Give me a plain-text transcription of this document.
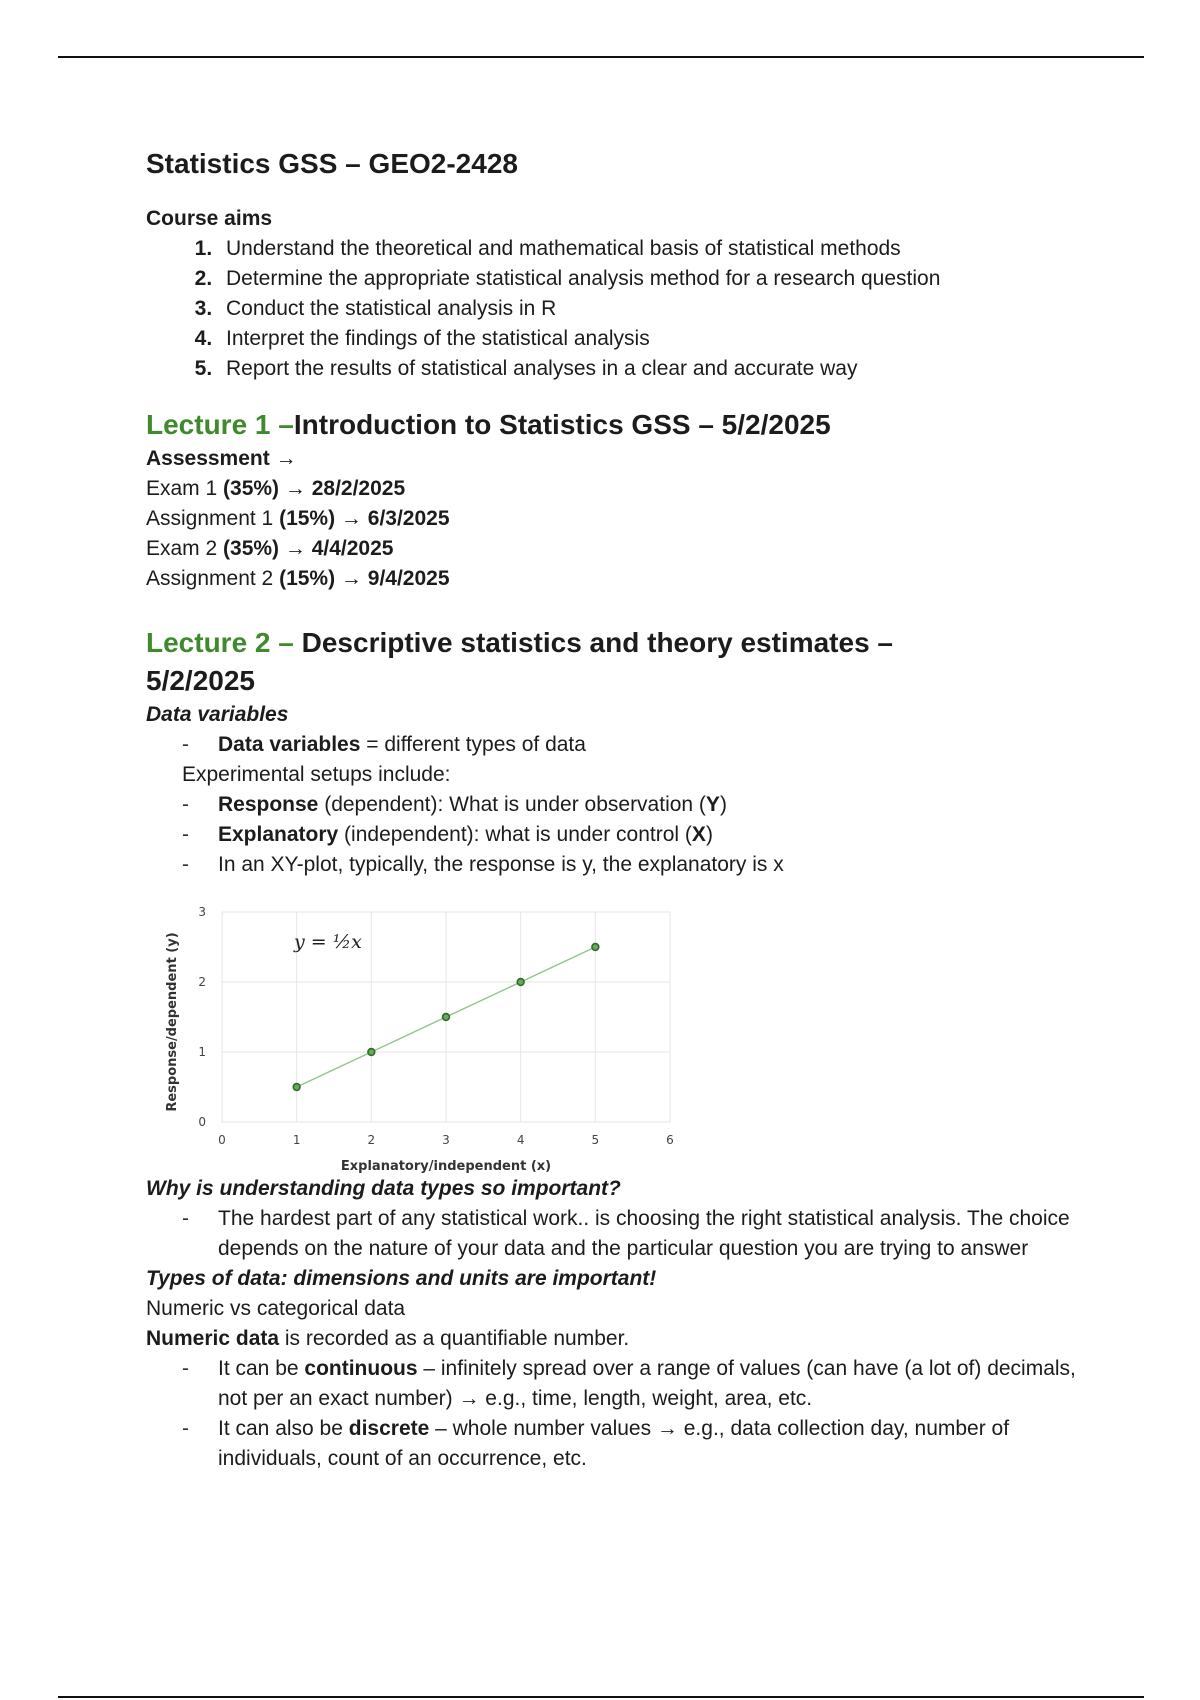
Statistics GSS – GEO2-2428

Course aims

1. Understand the theoretical and mathematical basis of statistical methods
2. Determine the appropriate statistical analysis method for a research question
3. Conduct the statistical analysis in R
4. Interpret the findings of the statistical analysis
5. Report the results of statistical analyses in a clear and accurate way
Lecture 1 –Introduction to Statistics GSS – 5/2/2025

Assessment →

Exam 1 (35%) → 28/2/2025

Assignment 1 (15%) → 6/3/2025

Exam 2 (35%) → 4/4/2025

Assignment 2 (15%) → 9/4/2025

Lecture 2 – Descriptive statistics and theory estimates –
5/2/2025

Data variables

- Data variables = different types of data

Experimental setups include:

- Response (dependent): What is under observation (Y)
- Explanatory (independent): what is under control (X)
- In an XY-plot, typically, the response is y, the explanatory is x
0	1	2	3	4	5	6
0
1
2
3
y = ½x
Explanatory/independent (x)
Response/dependent (y)

Why is understanding data types so important?

- The hardest part of any statistical work.. is choosing the right statistical analysis. The choice depends on the nature of your data and the particular question you are trying to answer

Types of data: dimensions and units are important!

Numeric vs categorical data

Numeric data is recorded as a quantifiable number.

- It can be continuous – infinitely spread over a range of values (can have (a lot of) decimals, not per an exact number) → e.g., time, length, weight, area, etc.
- It can also be discrete – whole number values → e.g., data collection day, number of individuals, count of an occurrence, etc.
